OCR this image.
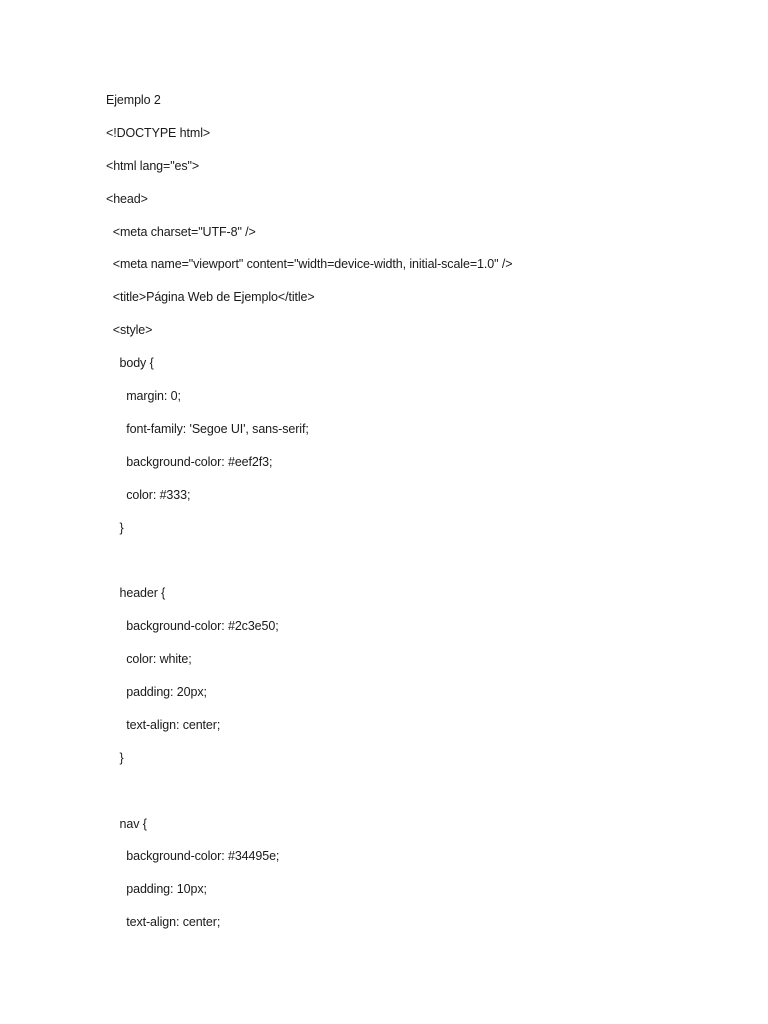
Ejemplo 2
<!DOCTYPE html>
<html lang="es">
<head>
<meta charset="UTF-8" />
<meta name="viewport" content="width=device-width, initial-scale=1.0" />
<title>Página Web de Ejemplo</title>
<style>
body {
margin: 0;
font-family: 'Segoe UI', sans-serif;
background-color: #eef2f3;
color: #333;
}
header {
background-color: #2c3e50;
color: white;
padding: 20px;
text-align: center;
}
nav {
background-color: #34495e;
padding: 10px;
text-align: center;
